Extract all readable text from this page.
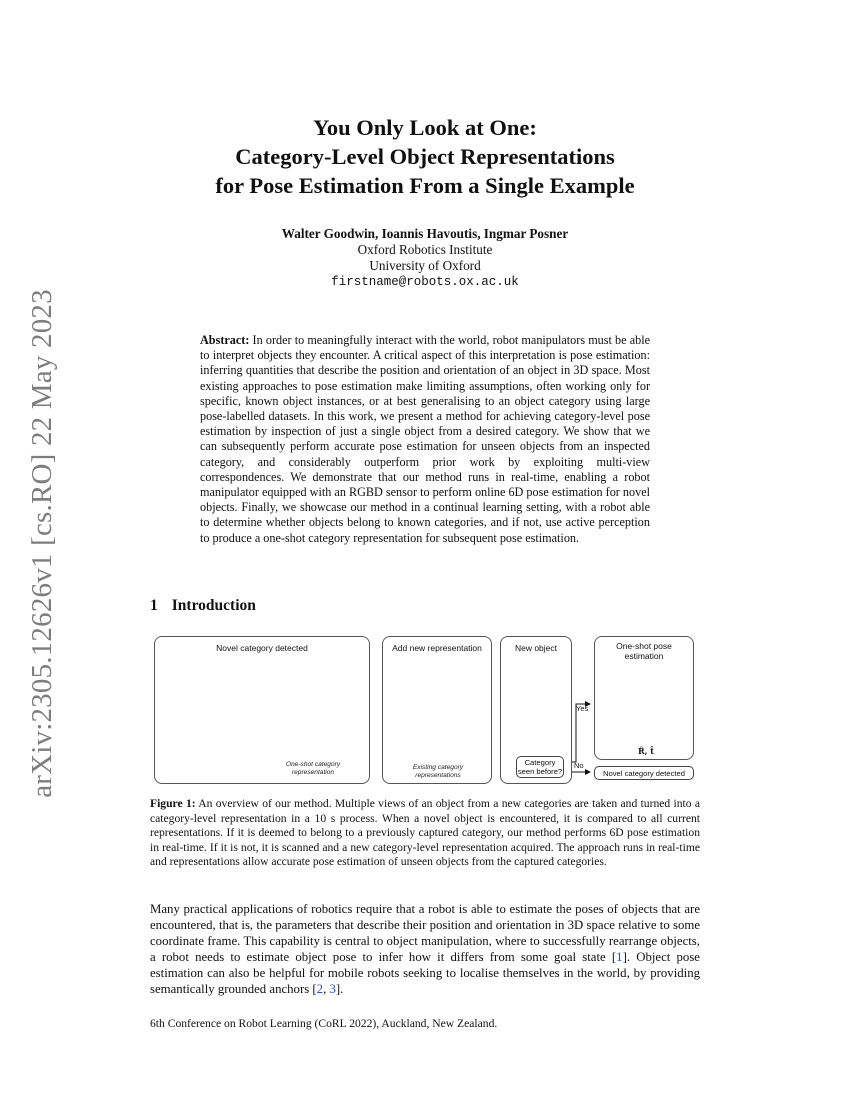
arXiv:2305.12626v1 [cs.RO] 22 May 2023
You Only Look at One:
Category-Level Object Representations
for Pose Estimation From a Single Example
Walter Goodwin, Ioannis Havoutis, Ingmar Posner
Oxford Robotics Institute
University of Oxford
firstname@robots.ox.ac.uk
Abstract: In order to meaningfully interact with the world, robot manipulators must be able to interpret objects they encounter. A critical aspect of this interpretation is pose estimation: inferring quantities that describe the position and orientation of an object in 3D space. Most existing approaches to pose estimation make limiting assumptions, often working only for specific, known object instances, or at best generalising to an object category using large pose-labelled datasets. In this work, we present a method for achieving category-level pose estimation by inspection of just a single object from a desired category. We show that we can subsequently perform accurate pose estimation for unseen objects from an inspected category, and considerably outperform prior work by exploiting multi-view correspondences. We demonstrate that our method runs in real-time, enabling a robot manipulator equipped with an RGBD sensor to perform online 6D pose estimation for novel objects. Finally, we showcase our method in a continual learning setting, with a robot able to determine whether objects belong to known categories, and if not, use active perception to produce a one-shot category representation for subsequent pose estimation.
1 Introduction
Novel category detected
One-shot category representation
Add new representation
Existing category representations
New object	One-shot pose estimation
R̂, t̂
Category seen before?	Novel category detected
Yes
No
Figure 1: An overview of our method. Multiple views of an object from a new categories are taken and turned into a category-level representation in a 10 s process. When a novel object is encountered, it is compared to all current representations. If it is deemed to belong to a previously captured category, our method performs 6D pose estimation in real-time. If it is not, it is scanned and a new category-level representation acquired. The approach runs in real-time and representations allow accurate pose estimation of unseen objects from the captured categories.
Many practical applications of robotics require that a robot is able to estimate the poses of objects that are encountered, that is, the parameters that describe their position and orientation in 3D space relative to some coordinate frame. This capability is central to object manipulation, where to successfully rearrange objects, a robot needs to estimate object pose to infer how it differs from some goal state [1]. Object pose estimation can also be helpful for mobile robots seeking to localise themselves in the world, by providing semantically grounded anchors [2, 3].
6th Conference on Robot Learning (CoRL 2022), Auckland, New Zealand.
